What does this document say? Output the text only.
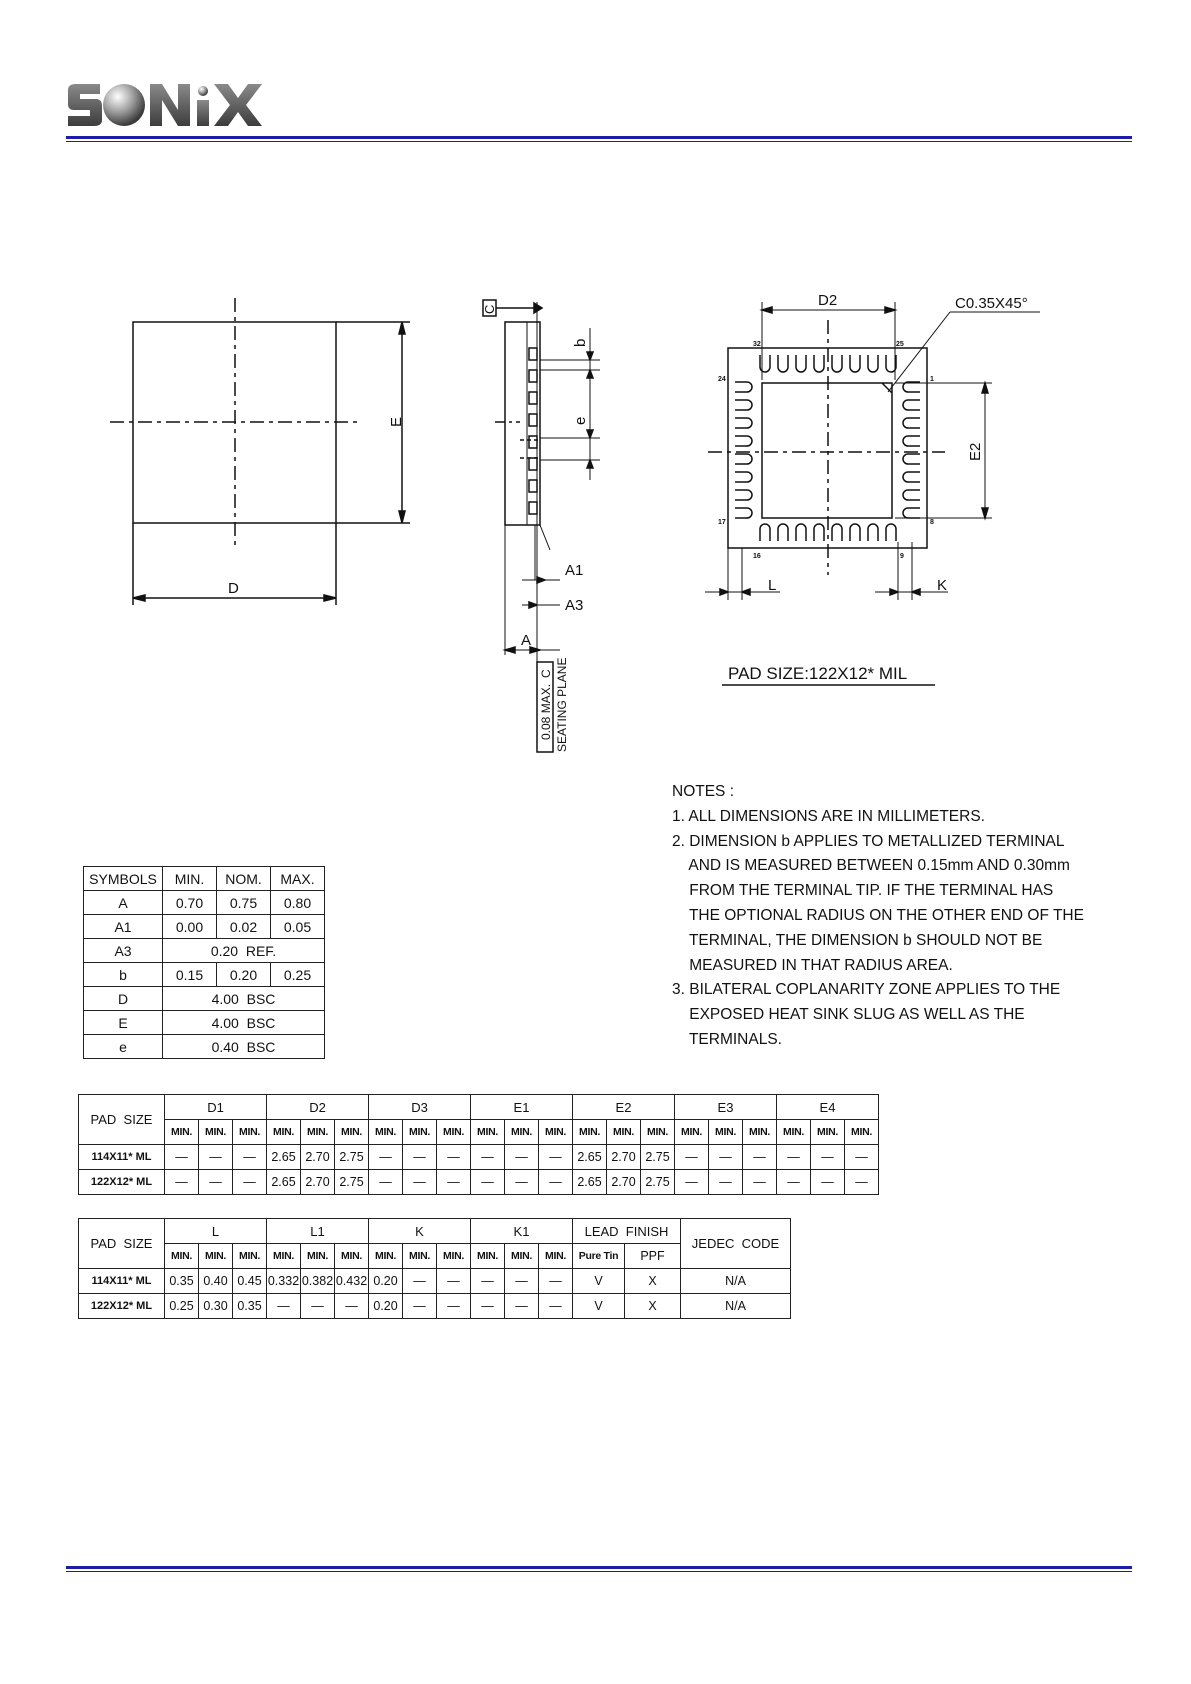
D
E
C
b
e
A1
A3
A
0.08 MAX.
C SEATING PLANE
D2	C0.35X45°
E2
L	K
32	25
24	1
17	8
16	9
PAD SIZE:122X12* MIL
NOTES :
1. ALL DIMENSIONS ARE IN MILLIMETERS.
2. DIMENSION b APPLIES TO METALLIZED TERMINAL
AND IS MEASURED BETWEEN 0.15mm AND 0.30mm
FROM THE TERMINAL TIP. IF THE TERMINAL HAS
THE OPTIONAL RADIUS ON THE OTHER END OF THE
TERMINAL, THE DIMENSION b SHOULD NOT BE
MEASURED IN THAT RADIUS AREA.
3. BILATERAL COPLANARITY ZONE APPLIES TO THE
EXPOSED HEAT SINK SLUG AS WELL AS THE
TERMINALS.
SYMBOLS	MIN.	NOM.	MAX.
A	0.70	0.75	0.80
A1	0.00	0.02	0.05
A3	0.20  REF.		
b	0.15	0.20	0.25
D	4.00  BSC		
E	4.00  BSC		
e	0.40  BSC		
PAD  SIZE	D1			D2			D3			E1			E2			E3			E4		
	MIN.	MIN.	MIN.	MIN.	MIN.	MIN.	MIN.	MIN.	MIN.	MIN.	MIN.	MIN.	MIN.	MIN.	MIN.	MIN.	MIN.	MIN.	MIN.	MIN.	MIN.
114X11* ML	—	—	—	2.65	2.70	2.75	—	—	—	—	—	—	2.65	2.70	2.75	—	—	—	—	—	—
122X12* ML	—	—	—	2.65	2.70	2.75	—	—	—	—	—	—	2.65	2.70	2.75	—	—	—	—	—	—
PAD  SIZE	L			L1			K			K1			LEAD  FINISH		JEDEC  CODE
	MIN.	MIN.	MIN.	MIN.	MIN.	MIN.	MIN.	MIN.	MIN.	MIN.	MIN.	MIN.	Pure Tin	PPF	
114X11* ML	0.35	0.40	0.45	0.332	0.382	0.432	0.20	—	—	—	—	—	V	X	N/A
122X12* ML	0.25	0.30	0.35	—	—	—	0.20	—	—	—	—	—	V	X	N/A
